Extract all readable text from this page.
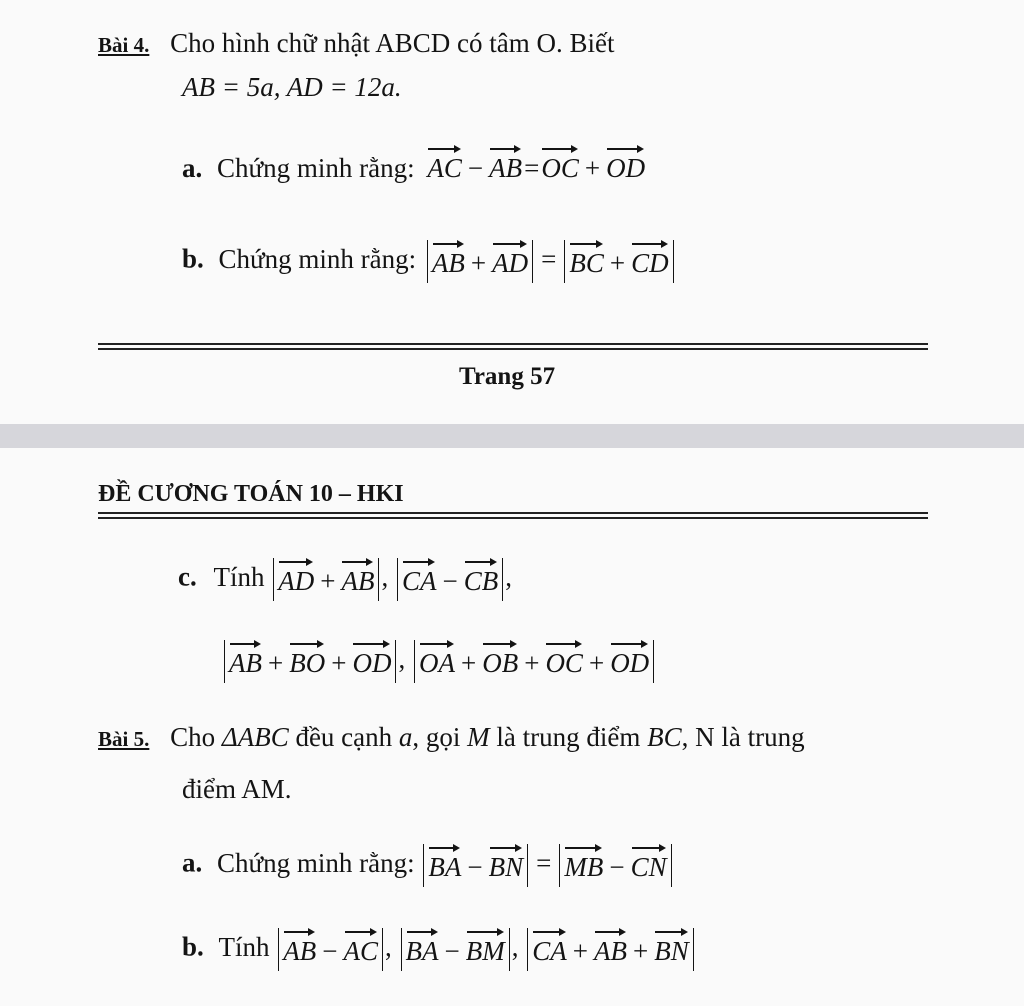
Bài 4. Cho hình chữ nhật ABCD có tâm O. Biết
AB = 5a, AD = 12a.
a. Chứng minh rằng: AC − AB=OC + OD
b. Chứng minh rằng: AB + AD = BC + CD
Trang 57
ĐỀ CƯƠNG TOÁN 10 – HKI
c. Tính AD + AB , CA − CB ,
AB + BO + OD , OA + OB + OC + OD
Bài 5. Cho ΔABC đều cạnh a, gọi M là trung điểm BC, N là trung
điểm AM.
a. Chứng minh rằng: BA − BN = MB − CN
b. Tính AB − AC , BA − BM , CA + AB + BN
